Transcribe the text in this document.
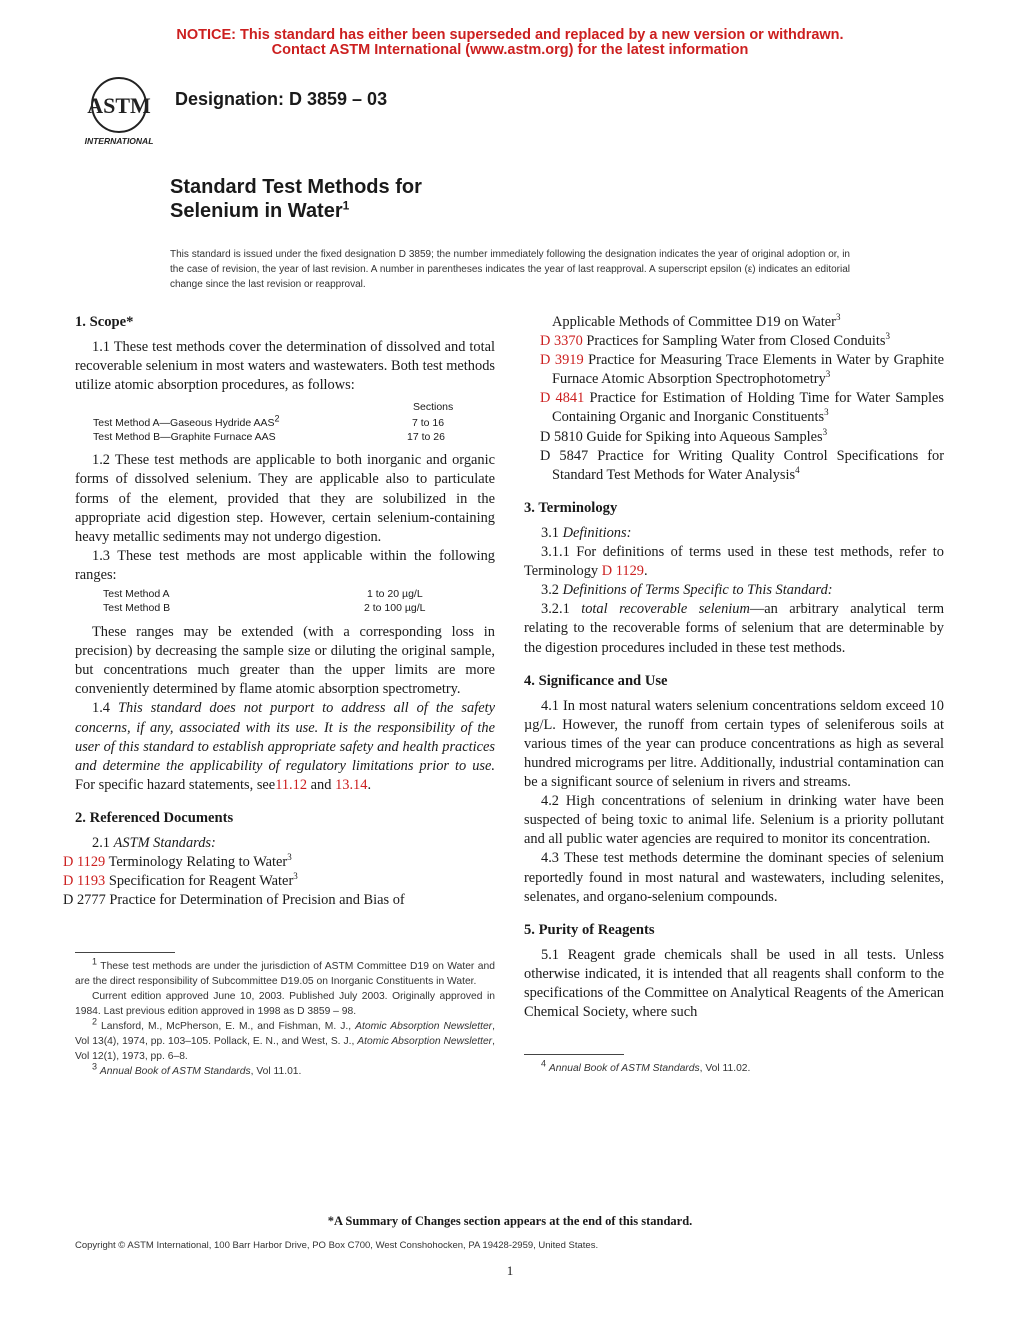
NOTICE: This standard has either been superseded and replaced by a new version or withdrawn.
Contact ASTM International (www.astm.org) for the latest information
ASTM
INTERNATIONAL
Designation: D 3859 – 03
Standard Test Methods for
Selenium in Water$^1$
This standard is issued under the fixed designation D 3859; the number immediately following the designation indicates the year of original adoption or, in the case of revision, the year of last revision. A number in parentheses indicates the year of last reapproval. A superscript epsilon (ε) indicates an editorial change since the last revision or reapproval.

1. Scope*

1.1 These test methods cover the determination of dissolved and total recoverable selenium in most waters and wastewaters. Both test methods utilize atomic absorption procedures, as follows:

Sections
Test Method A—Gaseous Hydride AAS$^2$	7 to 16
Test Method B—Graphite Furnace AAS	17 to 26

1.2 These test methods are applicable to both inorganic and organic forms of dissolved selenium. They are applicable also to particulate forms of the element, provided that they are solubilized in the appropriate acid digestion step. However, certain selenium-containing heavy metallic sediments may not undergo digestion.

1.3 These test methods are most applicable within the following ranges:

Test Method A	1 to 20 µg/L
Test Method B	2 to 100 µg/L

These ranges may be extended (with a corresponding loss in precision) by decreasing the sample size or diluting the original sample, but concentrations much greater than the upper limits are more conveniently determined by flame atomic absorption spectrometry.

1.4 This standard does not purport to address all of the safety concerns, if any, associated with its use. It is the responsibility of the user of this standard to establish appropriate safety and health practices and determine the applicability of regulatory limitations prior to use. For specific hazard statements, see11.12 and 13.14.

2. Referenced Documents

2.1 ASTM Standards:

D 1129 Terminology Relating to Water$^3$

D 1193 Specification for Reagent Water$^3$

D 2777 Practice for Determination of Precision and Bias of

$^1$ These test methods are under the jurisdiction of ASTM Committee D19 on Water and are the direct responsibility of Subcommittee D19.05 on Inorganic Constituents in Water.

Current edition approved June 10, 2003. Published July 2003. Originally approved in 1984. Last previous edition approved in 1998 as D 3859 – 98.

$^2$ Lansford, M., McPherson, E. M., and Fishman, M. J., Atomic Absorption Newsletter, Vol 13(4), 1974, pp. 103–105. Pollack, E. N., and West, S. J., Atomic Absorption Newsletter, Vol 12(1), 1973, pp. 6–8.

$^3$ Annual Book of ASTM Standards, Vol 11.01.

Applicable Methods of Committee D19 on Water$^3$

D 3370 Practices for Sampling Water from Closed Conduits$^3$

D 3919 Practice for Measuring Trace Elements in Water by Graphite Furnace Atomic Absorption Spectrophotometry$^3$

D 4841 Practice for Estimation of Holding Time for Water Samples Containing Organic and Inorganic Constituents$^3$

D 5810 Guide for Spiking into Aqueous Samples$^3$

D 5847 Practice for Writing Quality Control Specifications for Standard Test Methods for Water Analysis$^4$

3. Terminology

3.1 Definitions:

3.1.1 For definitions of terms used in these test methods, refer to Terminology D 1129.

3.2 Definitions of Terms Specific to This Standard:

3.2.1 total recoverable selenium—an arbitrary analytical term relating to the recoverable forms of selenium that are determinable by the digestion procedures included in these test methods.

4. Significance and Use

4.1 In most natural waters selenium concentrations seldom exceed 10 µg/L. However, the runoff from certain types of seleniferous soils at various times of the year can produce concentrations as high as several hundred micrograms per litre. Additionally, industrial contamination can be a significant source of selenium in rivers and streams.

4.2 High concentrations of selenium in drinking water have been suspected of being toxic to animal life. Selenium is a priority pollutant and all public water agencies are required to monitor its concentration.

4.3 These test methods determine the dominant species of selenium reportedly found in most natural and wastewaters, including selenites, selenates, and organo-selenium compounds.

5. Purity of Reagents

5.1 Reagent grade chemicals shall be used in all tests. Unless otherwise indicated, it is intended that all reagents shall conform to the specifications of the Committee on Analytical Reagents of the American Chemical Society, where such

$^4$ Annual Book of ASTM Standards, Vol 11.02.

*A Summary of Changes section appears at the end of this standard.
Copyright © ASTM International, 100 Barr Harbor Drive, PO Box C700, West Conshohocken, PA 19428-2959, United States.
1
